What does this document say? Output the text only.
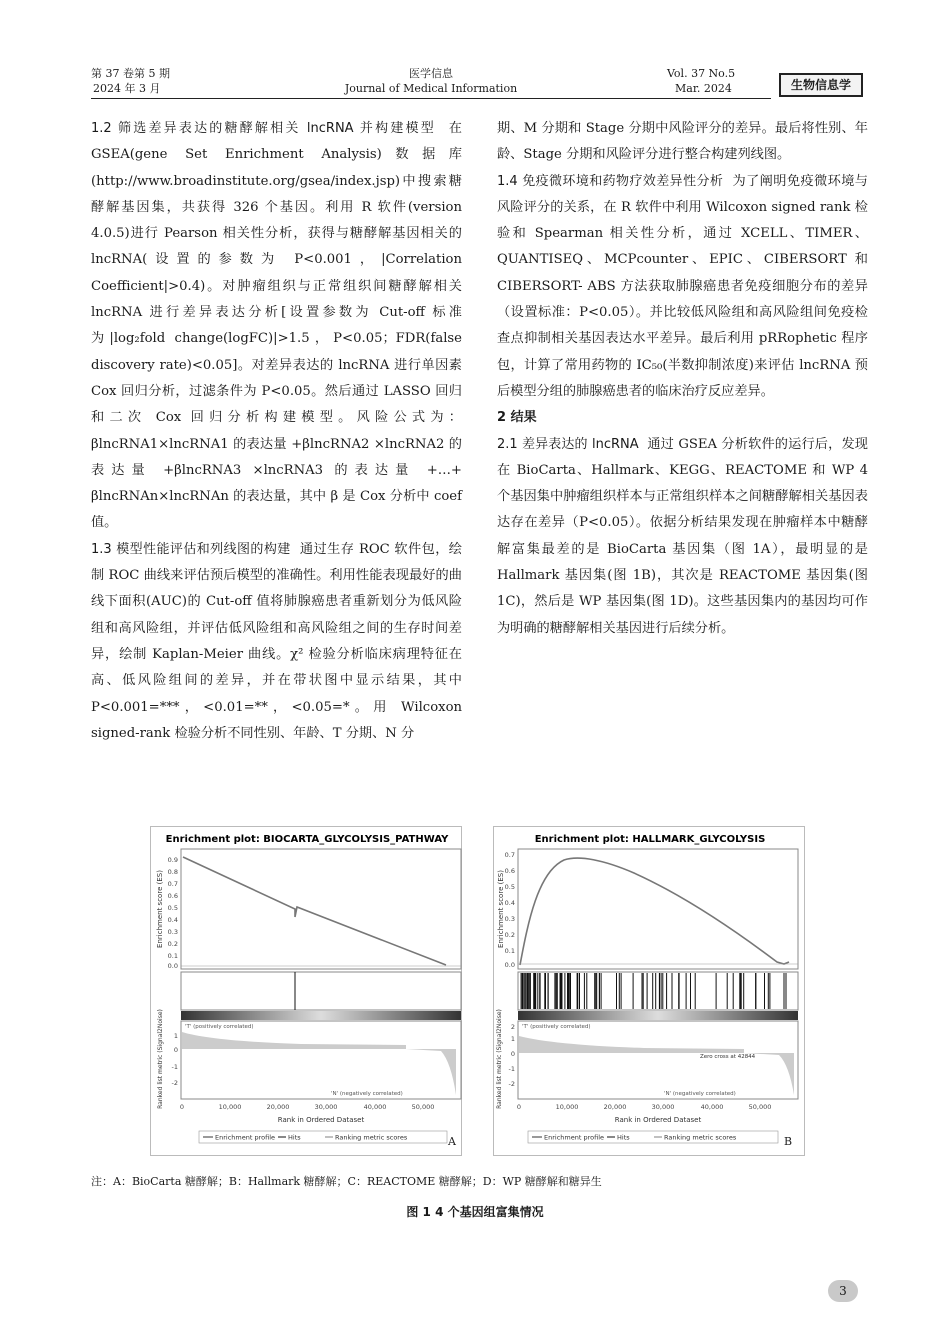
第 37 卷第 5 期
2024 年 3 月
医学信息
Journal of Medical Information
Vol. 37 No.5
Mar. 2024	生物信息学

1.2 筛选差异表达的糖酵解相关 lncRNA 并构建模型 在 GSEA(gene Set Enrichment Analysis)数据库(http://www.broadinstitute.org/gsea/index.jsp)中搜索糖酵解基因集，共获得 326 个基因。利用 R 软件(version 4.0.5)进行 Pearson 相关性分析，获得与糖酵解基因相关的 lncRNA(设置的参数为 P<0.001，|Correlation Coefficient|>0.4)。对肿瘤组织与正常组织间糖酵解相关 lncRNA 进行差异表达分析[设置参数为 Cut-off 标准为|log₂fold change(logFC)|>1.5，P<0.05；FDR(false discovery rate)<0.05]。对差异表达的 lncRNA 进行单因素 Cox 回归分析，过滤条件为 P<0.05。然后通过 LASSO 回归和二次 Cox 回归分析构建模型。风险公式为：βlncRNA1×lncRNA1 的表达量 +βlncRNA2 ×lncRNA2 的表达量 +βlncRNA3 ×lncRNA3 的表达量 +…+ βlncRNAn×lncRNAn 的表达量，其中 β 是 Cox 分析中 coef 值。

1.3 模型性能评估和列线图的构建 通过生存 ROC 软件包，绘制 ROC 曲线来评估预后模型的准确性。利用性能表现最好的曲线下面积(AUC)的 Cut-off 值将肺腺癌患者重新划分为低风险组和高风险组，并评估低风险组和高风险组之间的生存时间差异，绘制 Kaplan-Meier 曲线。χ² 检验分析临床病理特征在高、低风险组间的差异，并在带状图中显示结果，其中 P<0.001=***，<0.01=**，<0.05=*。用 Wilcoxon signed-rank 检验分析不同性别、年龄、T 分期、N 分

期、M 分期和 Stage 分期中风险评分的差异。最后将性别、年龄、Stage 分期和风险评分进行整合构建列线图。

1.4 免疫微环境和药物疗效差异性分析 为了阐明免疫微环境与风险评分的关系，在 R 软件中利用 Wilcoxon signed rank 检验和 Spearman 相关性分析，通过 XCELL、TIMER、QUANTISEQ、MCPcounter、EPIC、CIBERSORT 和 CIBERSORT- ABS 方法获取肺腺癌患者免疫细胞分布的差异（设置标准：P<0.05）。并比较低风险组和高风险组间免疫检查点抑制相关基因表达水平差异。最后利用 pRRophetic 程序包，计算了常用药物的 IC₅₀(半数抑制浓度)来评估 lncRNA 预后模型分组的肺腺癌患者的临床治疗反应差异。

2 结果

2.1 差异表达的 lncRNA 通过 GSEA 分析软件的运行后，发现在 BioCarta、Hallmark、KEGG、REACTOME 和 WP 4 个基因集中肿瘤组织样本与正常组织样本之间糖酵解相关基因表达存在差异（P<0.05）。依据分析结果发现在肿瘤样本中糖酵解富集最差的是 BioCarta 基因集（图 1A），最明显的是 Hallmark 基因集(图 1B)，其次是 REACTOME 基因集(图 1C)，然后是 WP 基因集(图 1D)。这些基因集内的基因均可作为明确的糖酵解相关基因进行后续分析。

Enrichment plot: BIOCARTA_GLYCOLYSIS_PATHWAY
0.9
0.8
0.7
0.6
0.5
0.4
0.3
0.2
0.1
0.0
Enrichment score (ES)
'T' (positively correlated)
'N' (negatively correlated)
1
0
-1
-2
Ranked list metric (Signal2Noise) 0	10,000	20,000	30,000	40,000	50,000
Rank in Ordered Dataset
Enrichment profile Hits	Ranking metric scores	A
Enrichment plot: HALLMARK_GLYCOLYSIS
0.7
0.6
0.5
0.4
0.3
0.2
0.1
0.0
Enrichment score (ES)
'T' (positively correlated)
'N' (negatively correlated)
Zero cross at 42844
2
1
0
-1
-2
Ranked list metric (Signal2Noise) 0	10,000	20,000	30,000	40,000	50,000
Rank in Ordered Dataset
Enrichment profile Hits	Ranking metric scores	B
注：A：BioCarta 糖酵解；B：Hallmark 糖酵解；C：REACTOME 糖酵解；D：WP 糖酵解和糖异生
图 1 4 个基因组富集情况
3
